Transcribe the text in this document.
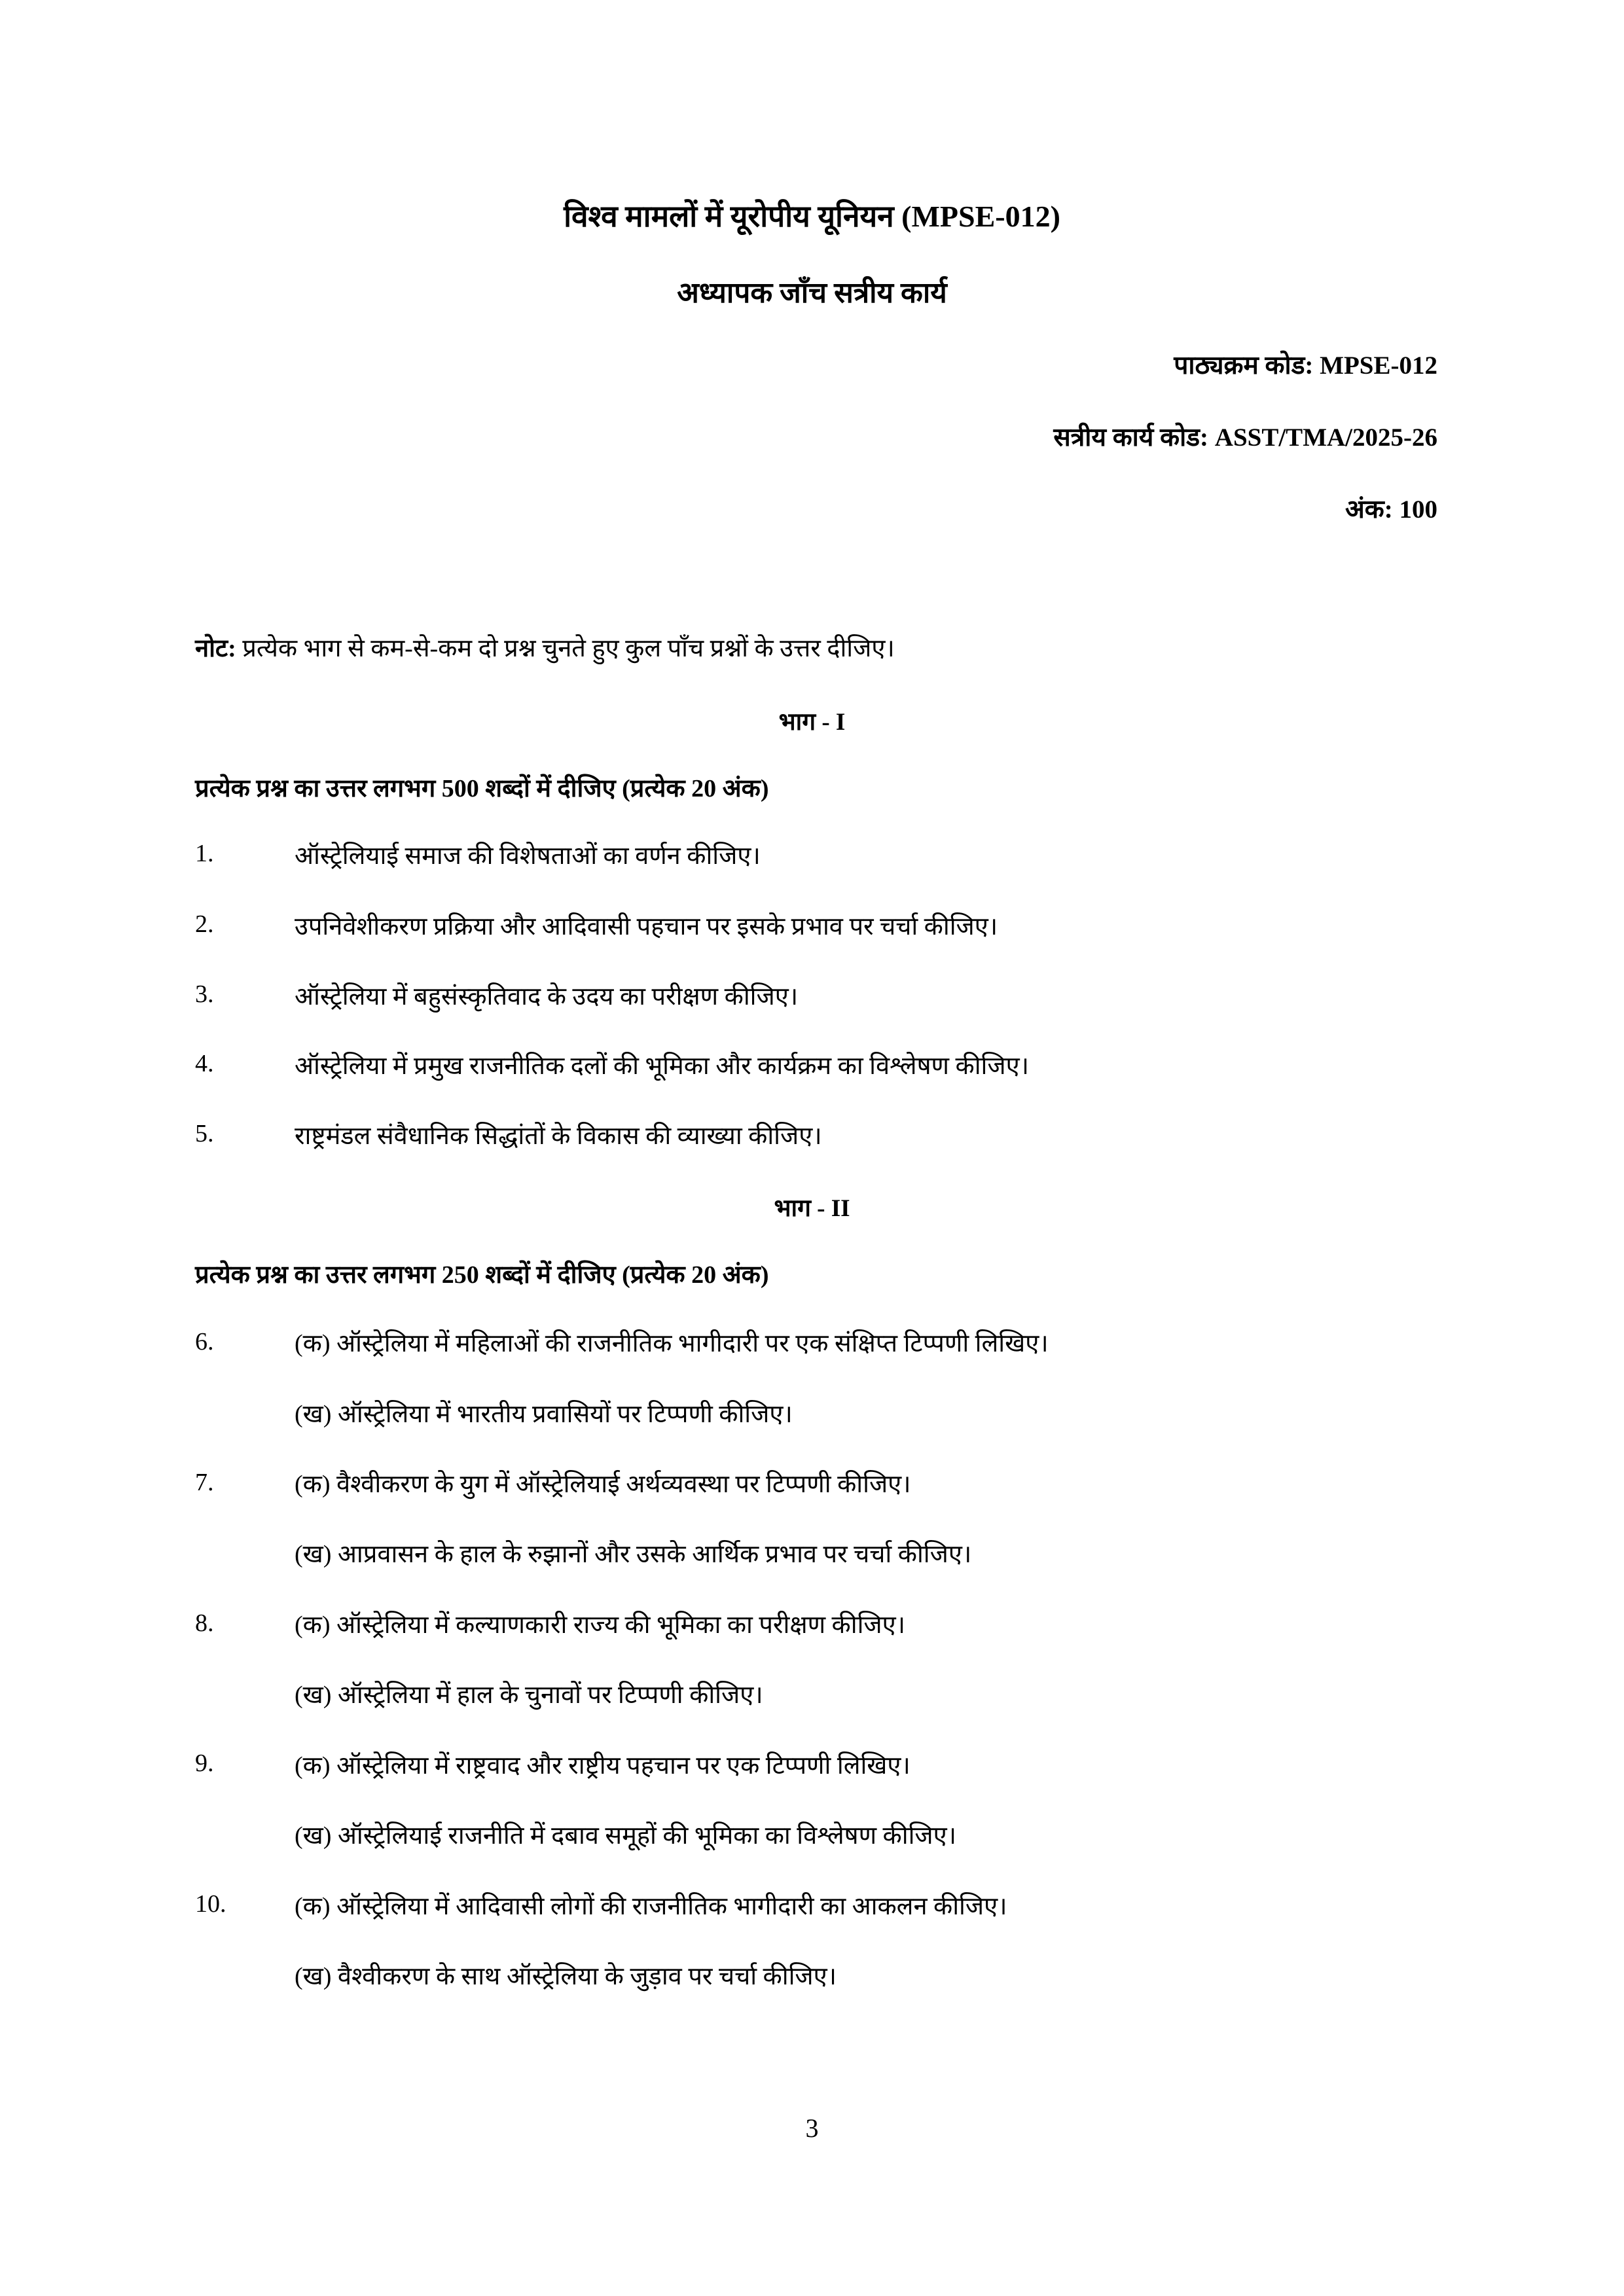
विश्व मामलों में यूरोपीय यूनियन (MPSE-012)
अध्यापक जाँच सत्रीय कार्य
पाठ्यक्रम कोड: MPSE-012
सत्रीय कार्य कोड: ASST/TMA/2025-26
अंक: 100
नोट: प्रत्येक भाग से कम-से-कम दो प्रश्न चुनते हुए कुल पाँच प्रश्नों के उत्तर दीजिए।
भाग - I
प्रत्येक प्रश्न का उत्तर लगभग 500 शब्दों में दीजिए (प्रत्येक 20 अंक)
1.	ऑस्ट्रेलियाई समाज की विशेषताओं का वर्णन कीजिए।
2.	उपनिवेशीकरण प्रक्रिया और आदिवासी पहचान पर इसके प्रभाव पर चर्चा कीजिए।
3.	ऑस्ट्रेलिया में बहुसंस्कृतिवाद के उदय का परीक्षण कीजिए।
4.	ऑस्ट्रेलिया में प्रमुख राजनीतिक दलों की भूमिका और कार्यक्रम का विश्लेषण कीजिए।
5.	राष्ट्रमंडल संवैधानिक सिद्धांतों के विकास की व्याख्या कीजिए।
भाग - II
प्रत्येक प्रश्न का उत्तर लगभग 250 शब्दों में दीजिए (प्रत्येक 20 अंक)
6.	(क) ऑस्ट्रेलिया में महिलाओं की राजनीतिक भागीदारी पर एक संक्षिप्त टिप्पणी लिखिए।
(ख) ऑस्ट्रेलिया में भारतीय प्रवासियों पर टिप्पणी कीजिए।
7.	(क) वैश्वीकरण के युग में ऑस्ट्रेलियाई अर्थव्यवस्था पर टिप्पणी कीजिए।
(ख) आप्रवासन के हाल के रुझानों और उसके आर्थिक प्रभाव पर चर्चा कीजिए।
8.	(क) ऑस्ट्रेलिया में कल्याणकारी राज्य की भूमिका का परीक्षण कीजिए।
(ख) ऑस्ट्रेलिया में हाल के चुनावों पर टिप्पणी कीजिए।
9.	(क) ऑस्ट्रेलिया में राष्ट्रवाद और राष्ट्रीय पहचान पर एक टिप्पणी लिखिए।
(ख) ऑस्ट्रेलियाई राजनीति में दबाव समूहों की भूमिका का विश्लेषण कीजिए।
10.	(क) ऑस्ट्रेलिया में आदिवासी लोगों की राजनीतिक भागीदारी का आकलन कीजिए।
(ख) वैश्वीकरण के साथ ऑस्ट्रेलिया के जुड़ाव पर चर्चा कीजिए।
3
